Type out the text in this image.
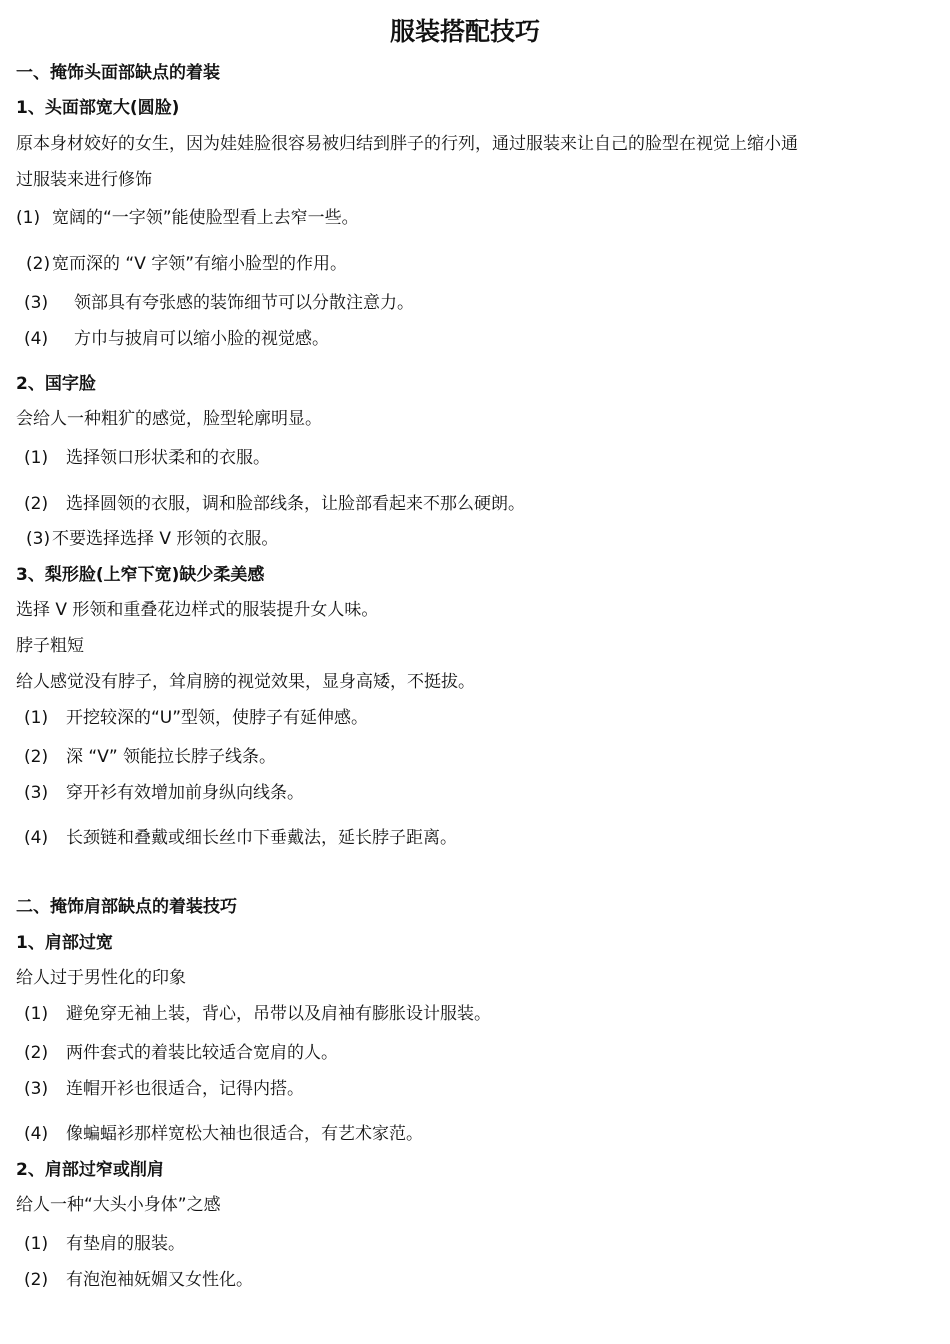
服装搭配技巧
一、掩饰头面部缺点的着装
1、头面部宽大(圆脸)
原本身材姣好的女生，因为娃娃脸很容易被归结到胖子的行列，通过服装来让自己的脸型在视觉上缩小通
过服装来进行修饰
(1) 宽阔的“一字领”能使脸型看上去窄一些。
(2) 宽而深的 “V 字领”有缩小脸型的作用。
(3) 领部具有夸张感的装饰细节可以分散注意力。
(4) 方巾与披肩可以缩小脸的视觉感。
2、国字脸
会给人一种粗犷的感觉，脸型轮廓明显。
(1) 选择领口形状柔和的衣服。
(2) 选择圆领的衣服，调和脸部线条，让脸部看起来不那么硬朗。
(3) 不要选择选择 V 形领的衣服。
3、梨形脸(上窄下宽)缺少柔美感
选择 V 形领和重叠花边样式的服装提升女人味。
脖子粗短
给人感觉没有脖子，耸肩膀的视觉效果，显身高矮，不挺拔。
(1) 开挖较深的“U”型领，使脖子有延伸感。
(2) 深 “V” 领能拉长脖子线条。
(3) 穿开衫有效增加前身纵向线条。
(4) 长颈链和叠戴或细长丝巾下垂戴法，延长脖子距离。
二、掩饰肩部缺点的着装技巧
1、肩部过宽
给人过于男性化的印象
(1) 避免穿无袖上装，背心，吊带以及肩袖有膨胀设计服装。
(2) 两件套式的着装比较适合宽肩的人。
(3) 连帽开衫也很适合，记得内搭。
(4) 像蝙蝠衫那样宽松大袖也很适合，有艺术家范。
2、肩部过窄或削肩
给人一种“大头小身体”之感
(1) 有垫肩的服装。
(2) 有泡泡袖妩媚又女性化。
